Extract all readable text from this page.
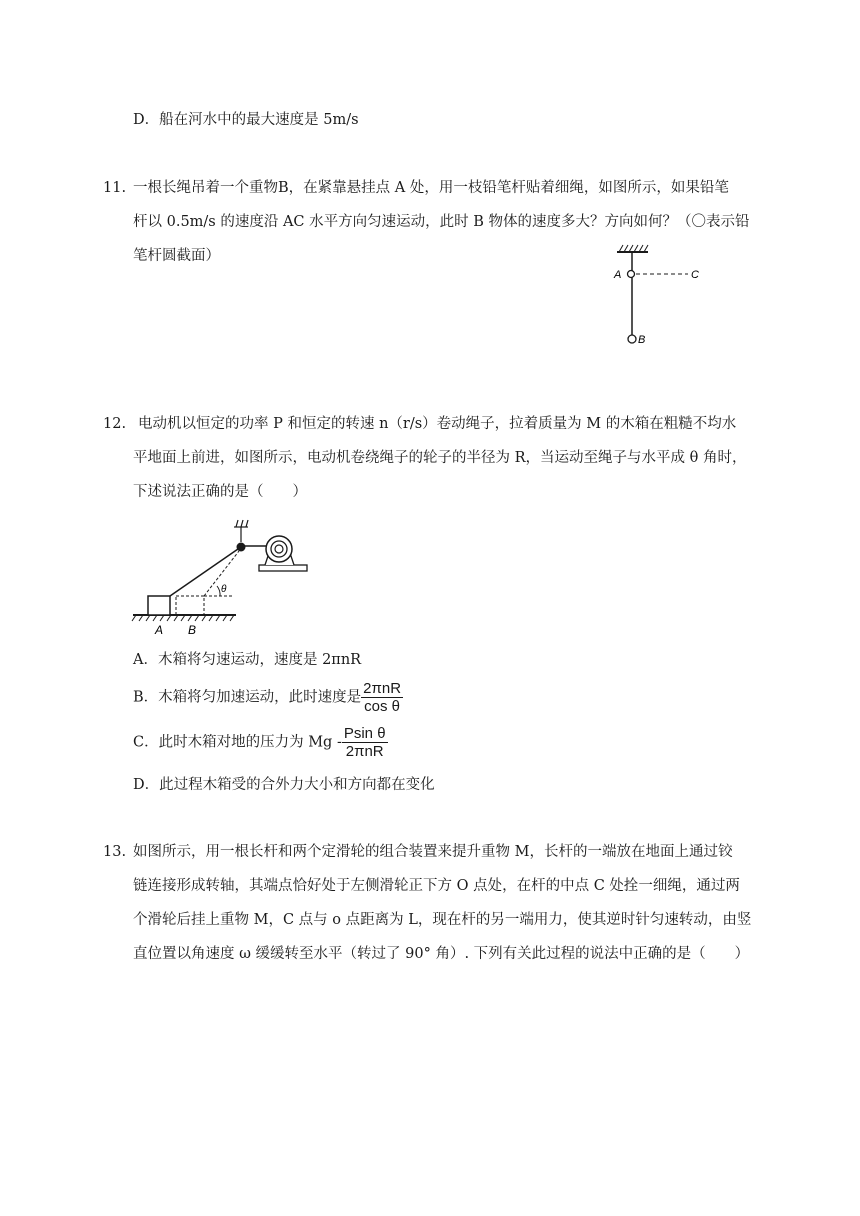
D．船在河水中的最大速度是 5m/s
11. 一根长绳吊着一个重物B，在紧靠悬挂点 A 处，用一枝铅笔杆贴着细绳，如图所示，如果铅笔
杆以 0.5m/s 的速度沿 AC 水平方向匀速运动，此时 B 物体的速度多大？方向如何？（〇表示铅
笔杆圆截面）
A	C
B
12. 电动机以恒定的功率 P 和恒定的转速 n（r/s）卷动绳子，拉着质量为 M 的木箱在粗糙不均水
平地面上前进，如图所示，电动机卷绕绳子的轮子的半径为 R，当运动至绳子与水平成 θ 角时，
下述说法正确的是（　　）
θ
A B
A．木箱将匀速运动，速度是 2πnR
B．木箱将匀加速运动，此时速度是 $\frac{\text{2πnR}}{\text{cos θ}}$
C．此时木箱对地的压力为 Mg - $\frac{\text{Psin θ}}{\text{2πnR}}$
D．此过程木箱受的合外力大小和方向都在变化
13. 如图所示，用一根长杆和两个定滑轮的组合装置来提升重物 M，长杆的一端放在地面上通过铰
链连接形成转轴，其端点恰好处于左侧滑轮正下方 O 点处，在杆的中点 C 处拴一细绳，通过两
个滑轮后挂上重物 M，C 点与 o 点距离为 L，现在杆的另一端用力，使其逆时针匀速转动，由竖
直位置以角速度 ω 缓缓转至水平（转过了 90° 角）. 下列有关此过程的说法中正确的是（　　）
